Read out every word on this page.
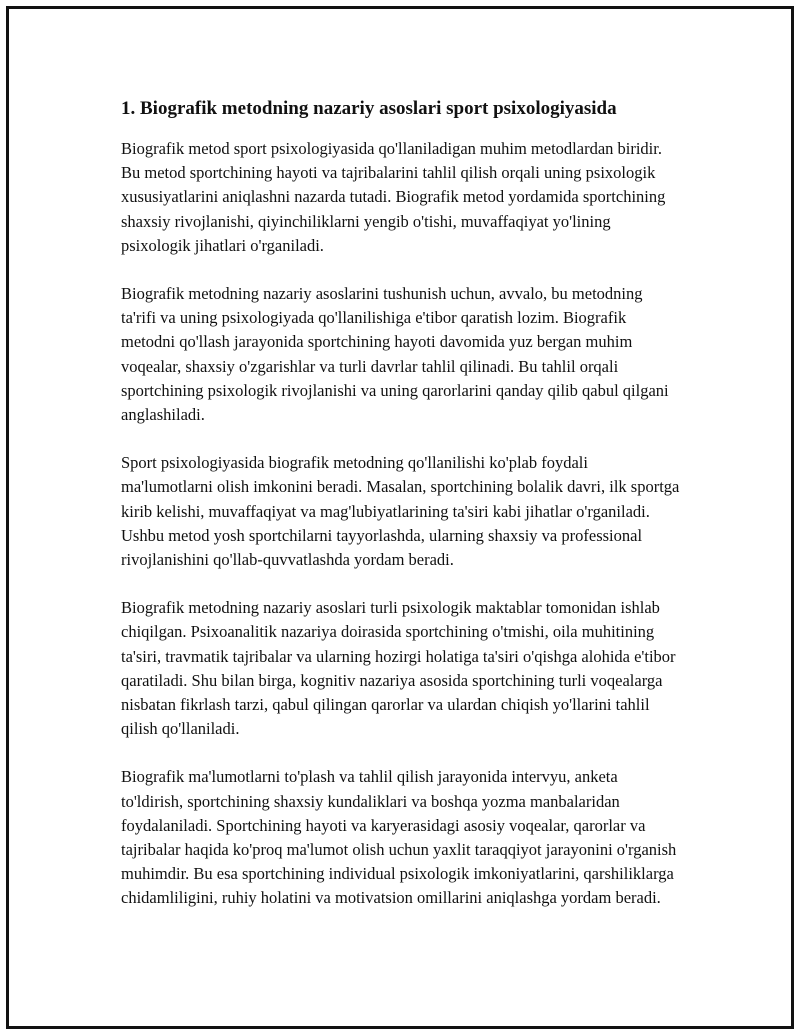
1. Biografik metodning nazariy asoslari sport psixologiyasida

Biografik metod sport psixologiyasida qo'llaniladigan muhim metodlardan biridir. Bu metod sportchining hayoti va tajribalarini tahlil qilish orqali uning psixologik xususiyatlarini aniqlashni nazarda tutadi. Biografik metod yordamida sportchining shaxsiy rivojlanishi, qiyinchiliklarni yengib o'tishi, muvaffaqiyat yo'lining psixologik jihatlari o'rganiladi.

Biografik metodning nazariy asoslarini tushunish uchun, avvalo, bu metodning ta'rifi va uning psixologiyada qo'llanilishiga e'tibor qaratish lozim. Biografik metodni qo'llash jarayonida sportchining hayoti davomida yuz bergan muhim voqealar, shaxsiy o'zgarishlar va turli davrlar tahlil qilinadi. Bu tahlil orqali sportchining psixologik rivojlanishi va uning qarorlarini qanday qilib qabul qilgani anglashiladi.

Sport psixologiyasida biografik metodning qo'llanilishi ko'plab foydali ma'lumotlarni olish imkonini beradi. Masalan, sportchining bolalik davri, ilk sportga kirib kelishi, muvaffaqiyat va mag'lubiyatlarining ta'siri kabi jihatlar o'rganiladi. Ushbu metod yosh sportchilarni tayyorlashda, ularning shaxsiy va professional rivojlanishini qo'llab-quvvatlashda yordam beradi.

Biografik metodning nazariy asoslari turli psixologik maktablar tomonidan ishlab chiqilgan. Psixoanalitik nazariya doirasida sportchining o'tmishi, oila muhitining ta'siri, travmatik tajribalar va ularning hozirgi holatiga ta'siri o'qishga alohida e'tibor qaratiladi. Shu bilan birga, kognitiv nazariya asosida sportchining turli voqealarga nisbatan fikrlash tarzi, qabul qilingan qarorlar va ulardan chiqish yo'llarini tahlil qilish qo'llaniladi.

Biografik ma'lumotlarni to'plash va tahlil qilish jarayonida intervyu, anketa to'ldirish, sportchining shaxsiy kundaliklari va boshqa yozma manbalaridan foydalaniladi. Sportchining hayoti va karyerasidagi asosiy voqealar, qarorlar va tajribalar haqida ko'proq ma'lumot olish uchun yaxlit taraqqiyot jarayonini o'rganish muhimdir. Bu esa sportchining individual psixologik imkoniyatlarini, qarshiliklarga chidamliligini, ruhiy holatini va motivatsion omillarini aniqlashga yordam beradi.
